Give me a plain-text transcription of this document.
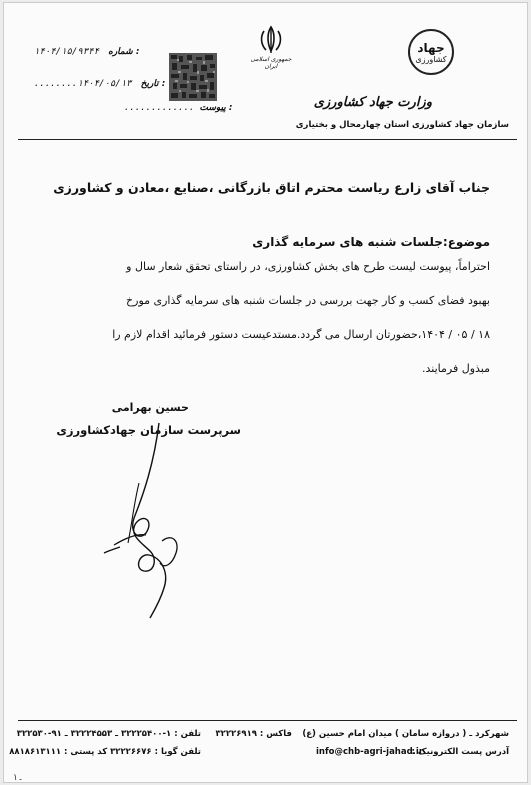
جهاد
کشاورزی
وزارت جهاد کشاورزی
سازمان جهاد کشاورزی استان چهارمحال و بختیاری
جمهوری اسلامی ایران
۱۴۰۴/۱۵/۹۳۴۴ شماره :
........۱۴۰۴/۰۵/۱۳ تاریخ :
............. پیوست :
جناب آقای زارع ریاست محترم اتاق بازرگانی ،صنایع ،معادن و کشاورزی
موضوع:جلسات شنبه های سرمایه گذاری
احتراماً، پیوست لیست طرح های بخش کشاورزی، در راستای تحقق شعار سال و
بهبود فضای کسب و کار جهت بررسی در جلسات شنبه های سرمایه گذاری مورخ
۱۸ / ۰۵ / ۱۴۰۴،حضورتان ارسال می گردد.مستدعیست دستور فرمائید اقدام لازم را
مبذول فرمایند.
حسین بهرامی
سرپرست سازمان جهادکشاورزی
شهرکرد ـ ( دروازه سامان ) میدان امام حسین (ع)
آدرس پست الکترونیک :
info@chb-agri-jahad.ir
فاکس : ۳۲۲۲۶۹۱۹
تلفن : ۱-۳۲۲۲۵۴۰۰ ـ ۳۲۲۲۴۵۵۳ ـ ۹۱-۳۲۲۵۳۰
تلفن گویا : ۳۲۲۲۶۶۷۶ کد پستی : ۸۸۱۸۶۱۳۱۱۱
۱۔
